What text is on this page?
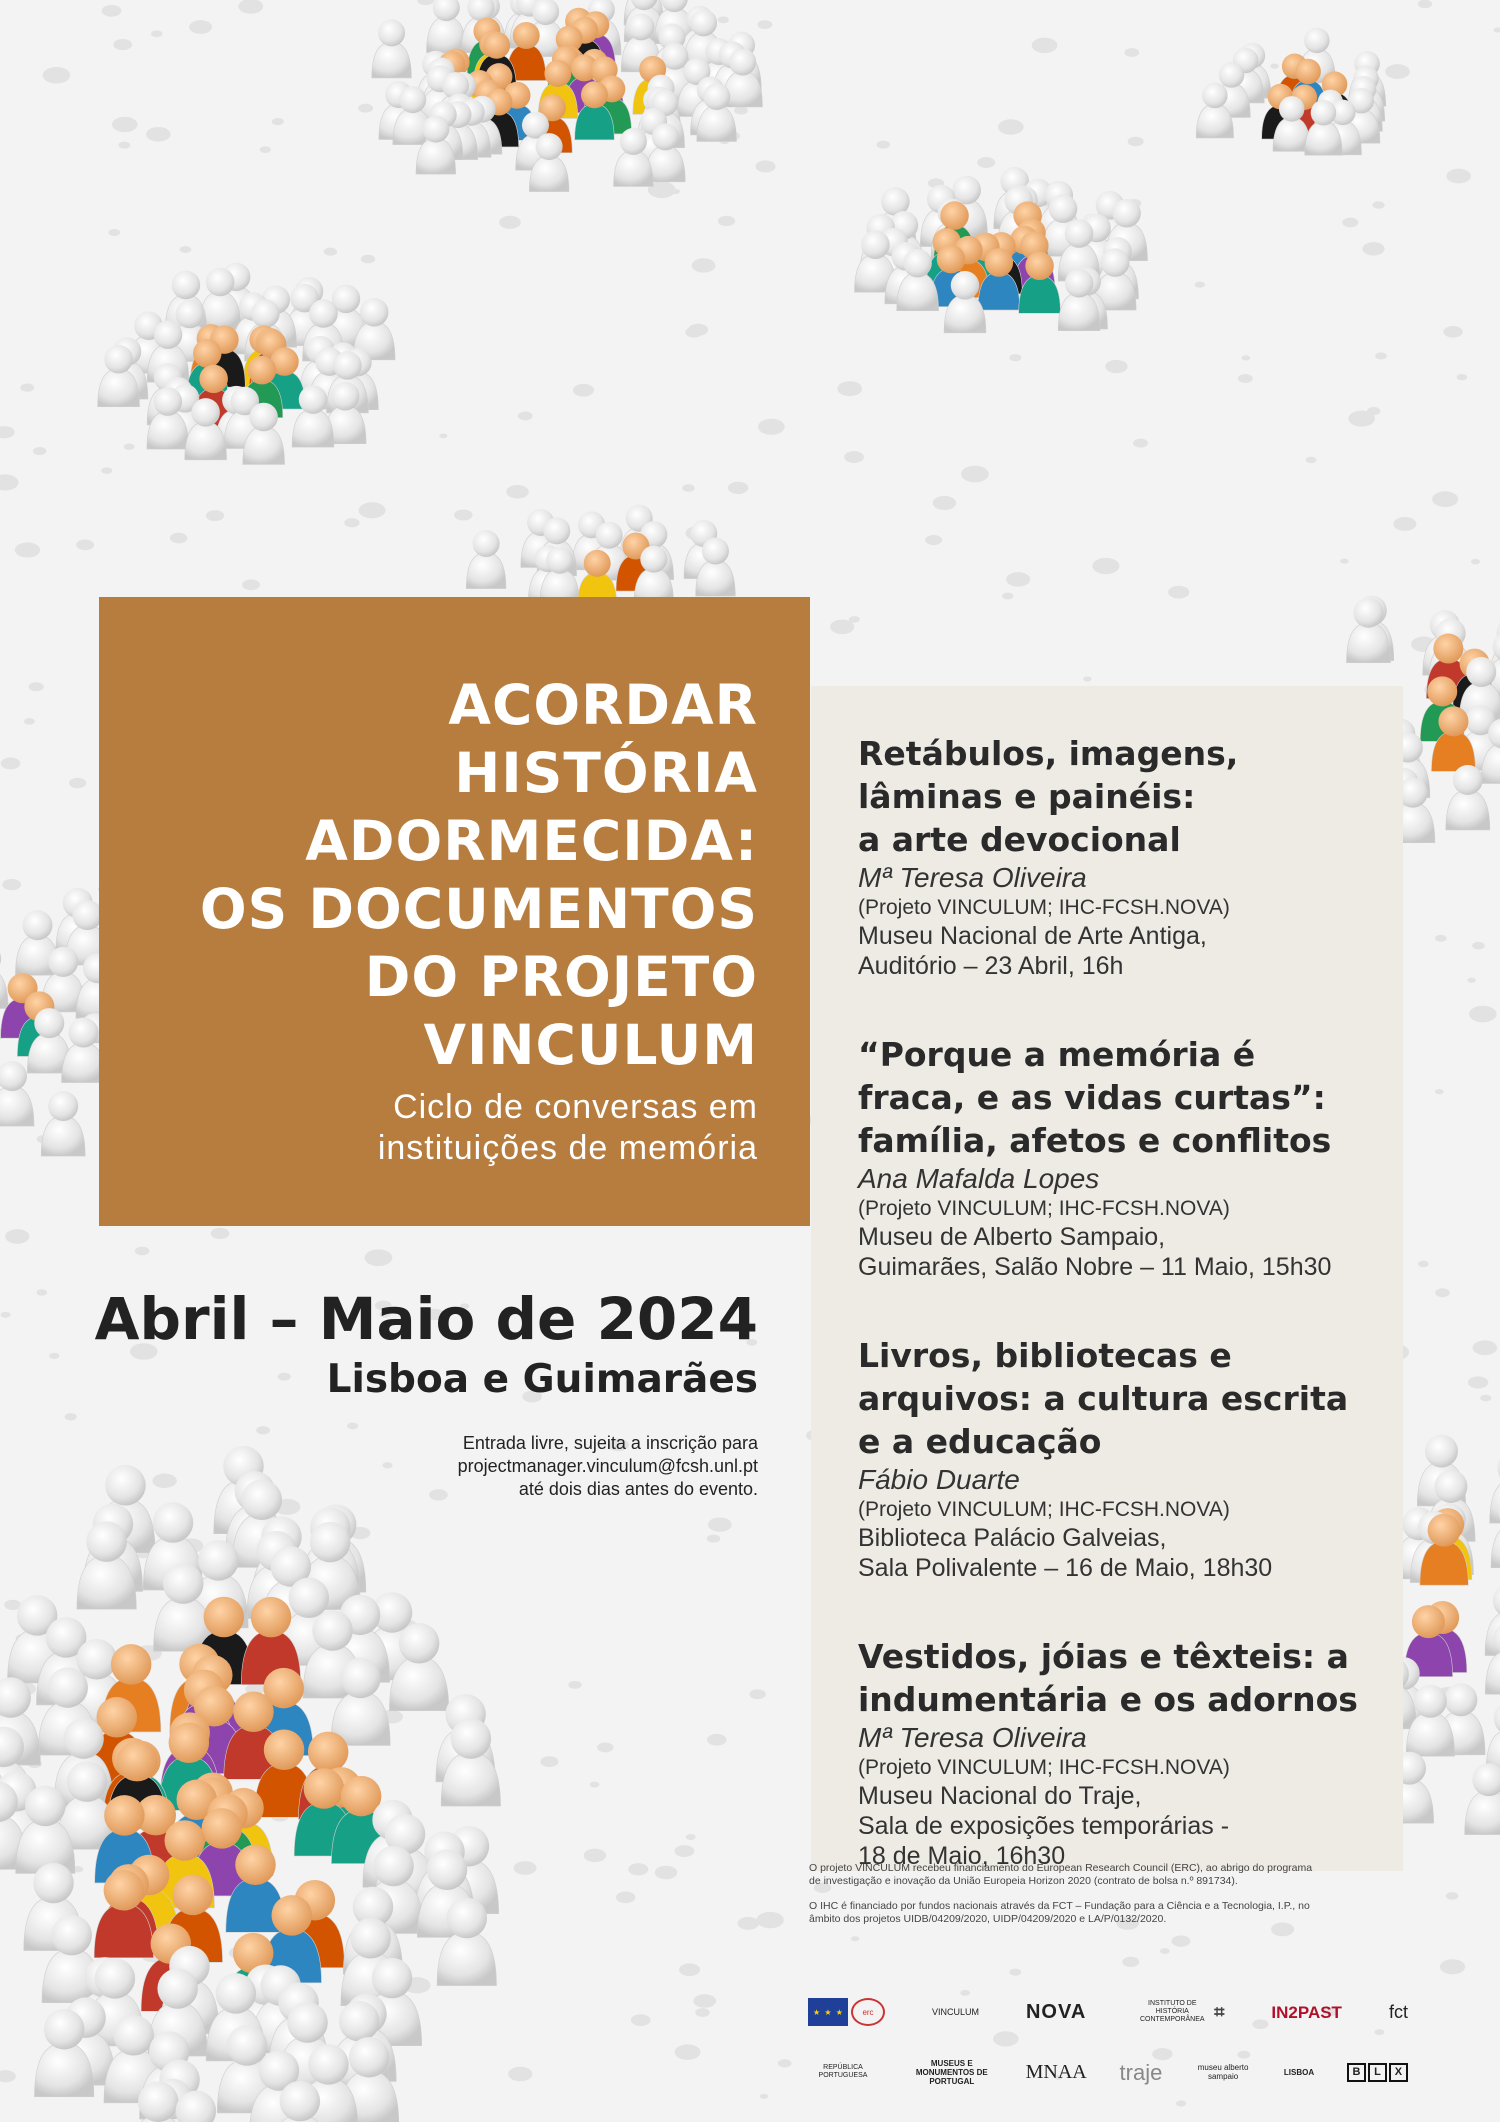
ACORDAR
HISTÓRIA
ADORMECIDA:
OS DOCUMENTOS
DO PROJETO
VINCULUM
Ciclo de conversas em
instituições de memória
Abril – Maio de 2024
Lisboa e Guimarães
Entrada livre, sujeita a inscrição para
projectmanager.vinculum@fcsh.unl.pt
até dois dias antes do evento.
Retábulos, imagens,
lâminas e painéis:
a arte devocional
Mª Teresa Oliveira
(Projeto VINCULUM; IHC-FCSH.NOVA)
Museu Nacional de Arte Antiga,
Auditório – 23 Abril, 16h
“Porque a memória é
fraca, e as vidas curtas”:
família, afetos e conflitos
Ana Mafalda Lopes
(Projeto VINCULUM; IHC-FCSH.NOVA)
Museu de Alberto Sampaio,
Guimarães, Salão Nobre – 11 Maio, 15h30
Livros, bibliotecas e
arquivos: a cultura escrita
e a educação
Fábio Duarte
(Projeto VINCULUM; IHC-FCSH.NOVA)
Biblioteca Palácio Galveias,
Sala Polivalente – 16 de Maio, 18h30
Vestidos, jóias e têxteis: a
indumentária e os adornos
Mª Teresa Oliveira
(Projeto VINCULUM; IHC-FCSH.NOVA)
Museu Nacional do Traje,
Sala de exposições temporárias -
18 de Maio, 16h30

O projeto VINCULUM recebeu financiamento do European Research Council (ERC), ao abrigo do programa
de investigação e inovação da União Europeia Horizon 2020 (contrato de bolsa n.º 891734).

O IHC é financiado por fundos nacionais através da FCT – Fundação para a Ciência e a Tecnologia, I.P., no
âmbito dos projetos UIDB/04209/2020, UIDP/04209/2020 e LA/P/0132/2020.

★ ★ ★
erc	VINCULUM NOVA	INSTITUTO DE HISTÓRIA CONTEMPORÂNEA ⌗	IN2PAST	fct
REPÚBLICA PORTUGUESA
MUSEUS E MONUMENTOS DE PORTUGAL	MNAA traje	museu alberto sampaio	LISBOA	B	L	X
